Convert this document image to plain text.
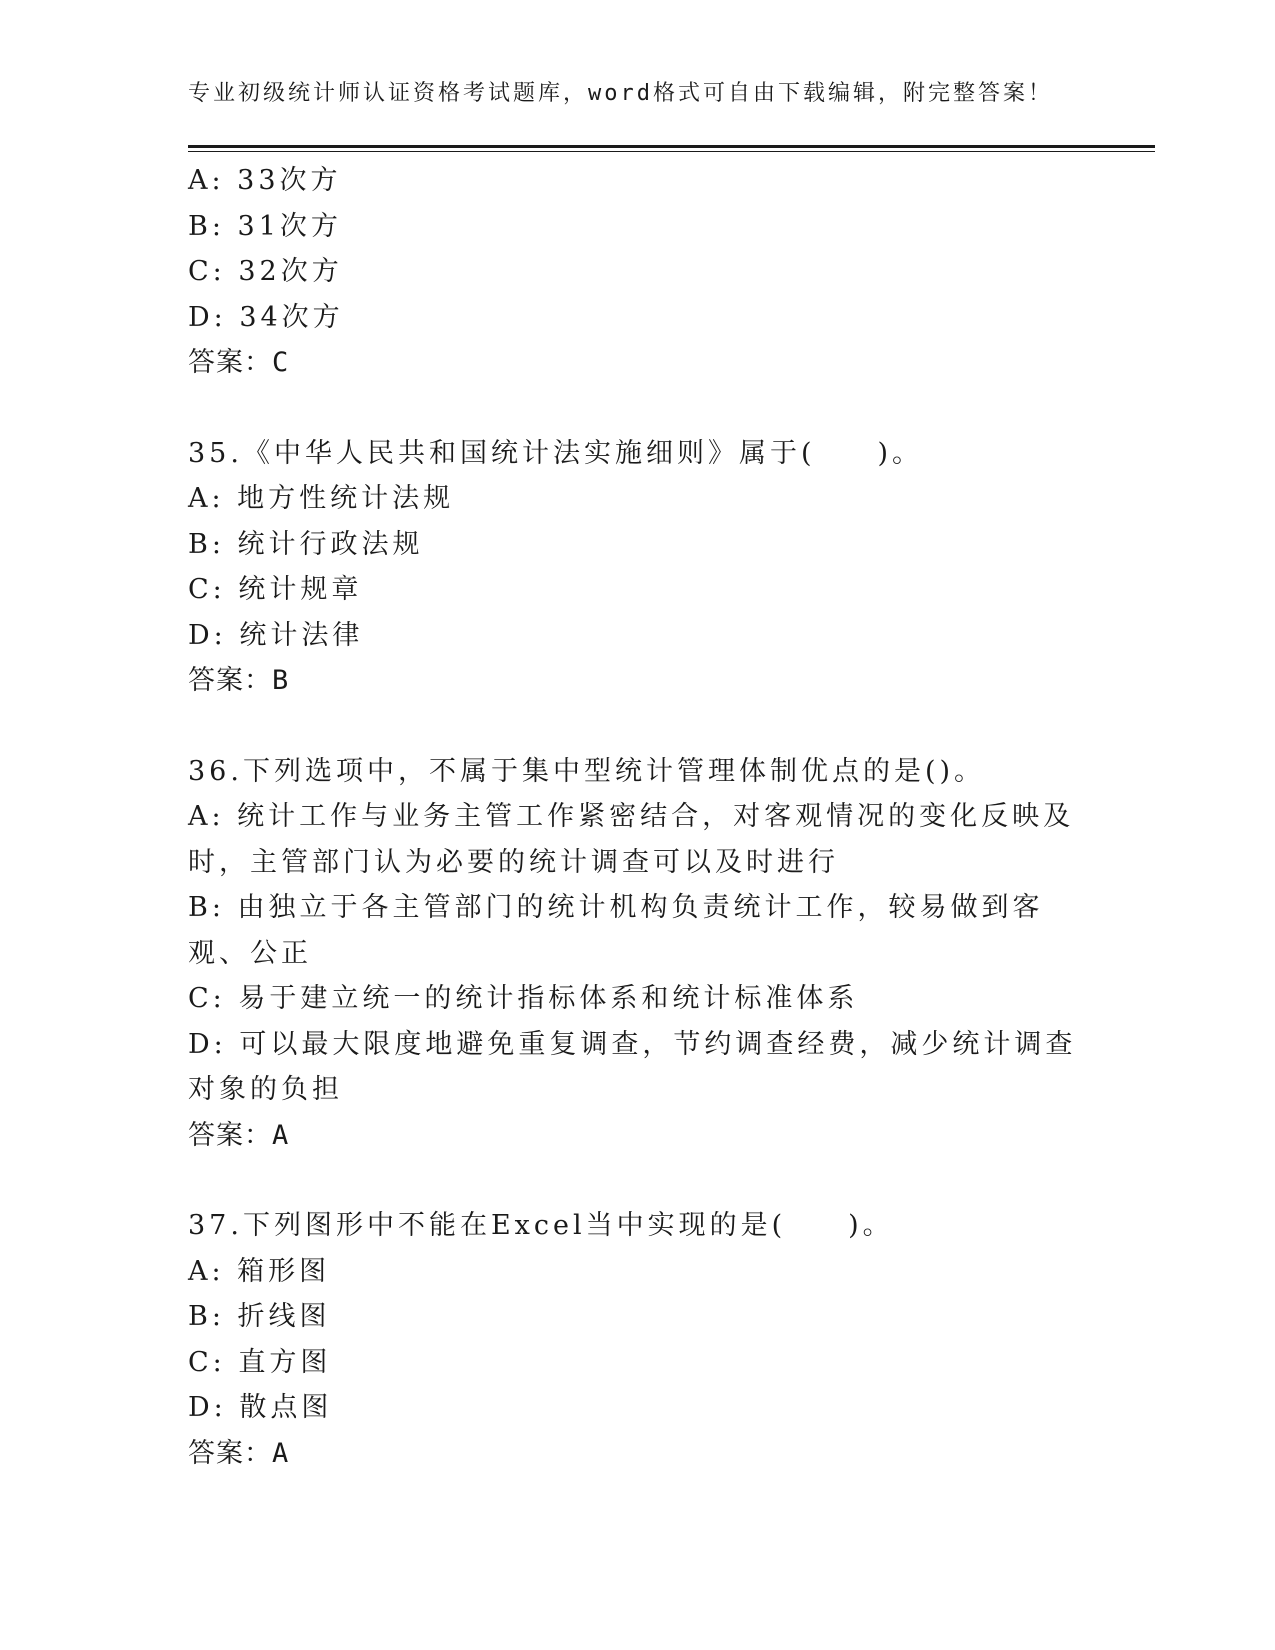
专业初级统计师认证资格考试题库，word格式可自由下载编辑，附完整答案！
A: 33次方
B: 31次方
C: 32次方
D: 34次方
答案：C
35.《中华人民共和国统计法实施细则》属于(　　)。
A: 地方性统计法规
B: 统计行政法规
C: 统计规章
D: 统计法律
答案：B
36.下列选项中，不属于集中型统计管理体制优点的是()。
A: 统计工作与业务主管工作紧密结合，对客观情况的变化反映及时，主管部门认为必要的统计调查可以及时进行
B: 由独立于各主管部门的统计机构负责统计工作，较易做到客观、公正
C: 易于建立统一的统计指标体系和统计标准体系
D: 可以最大限度地避免重复调查，节约调查经费，减少统计调查对象的负担
答案：A
37.下列图形中不能在Excel当中实现的是(　　)。
A: 箱形图
B: 折线图
C: 直方图
D: 散点图
答案：A
